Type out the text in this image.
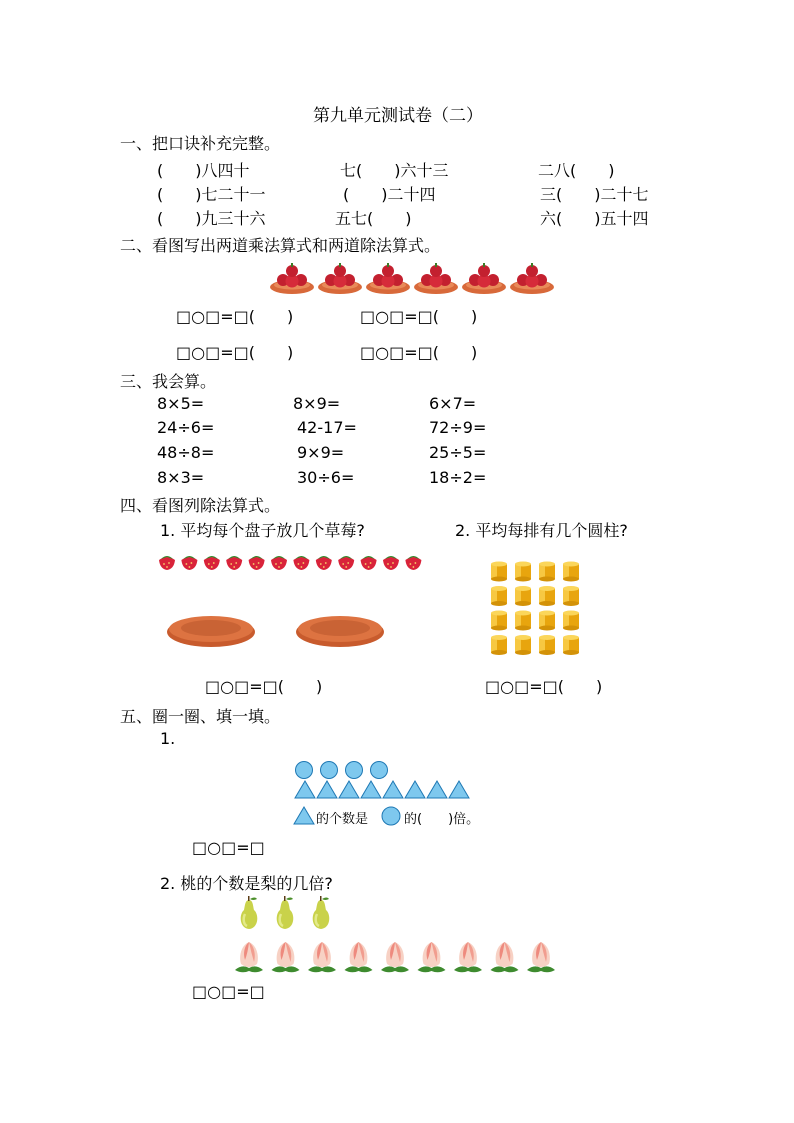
第九单元测试卷（二）
一、把口诀补充完整。
(　　)八四十	七(　　)六十三	二八(　　)
(　　)七二十一	(　　)二十四	三(　　)二十七
(　　)九三十六	五七(　　)	六(　　)五十四
二、看图写出两道乘法算式和两道除法算式。
□○□=□(　　)	□○□=□(　　)
□○□=□(　　)	□○□=□(　　)
三、我会算。
8×5=	8×9=	6×7=
24÷6=	42-17=	72÷9=
48÷8=	9×9=	25÷5=
8×3=	30÷6=	18÷2=
四、看图列除法算式。
1. 平均每个盘子放几个草莓?	2. 平均每排有几个圆柱?
□○□=□(　　)	□○□=□(　　)
五、圈一圈、填一填。
1.
的个数是	的(　　)倍。
□○□=□
2. 桃的个数是梨的几倍?
□○□=□
